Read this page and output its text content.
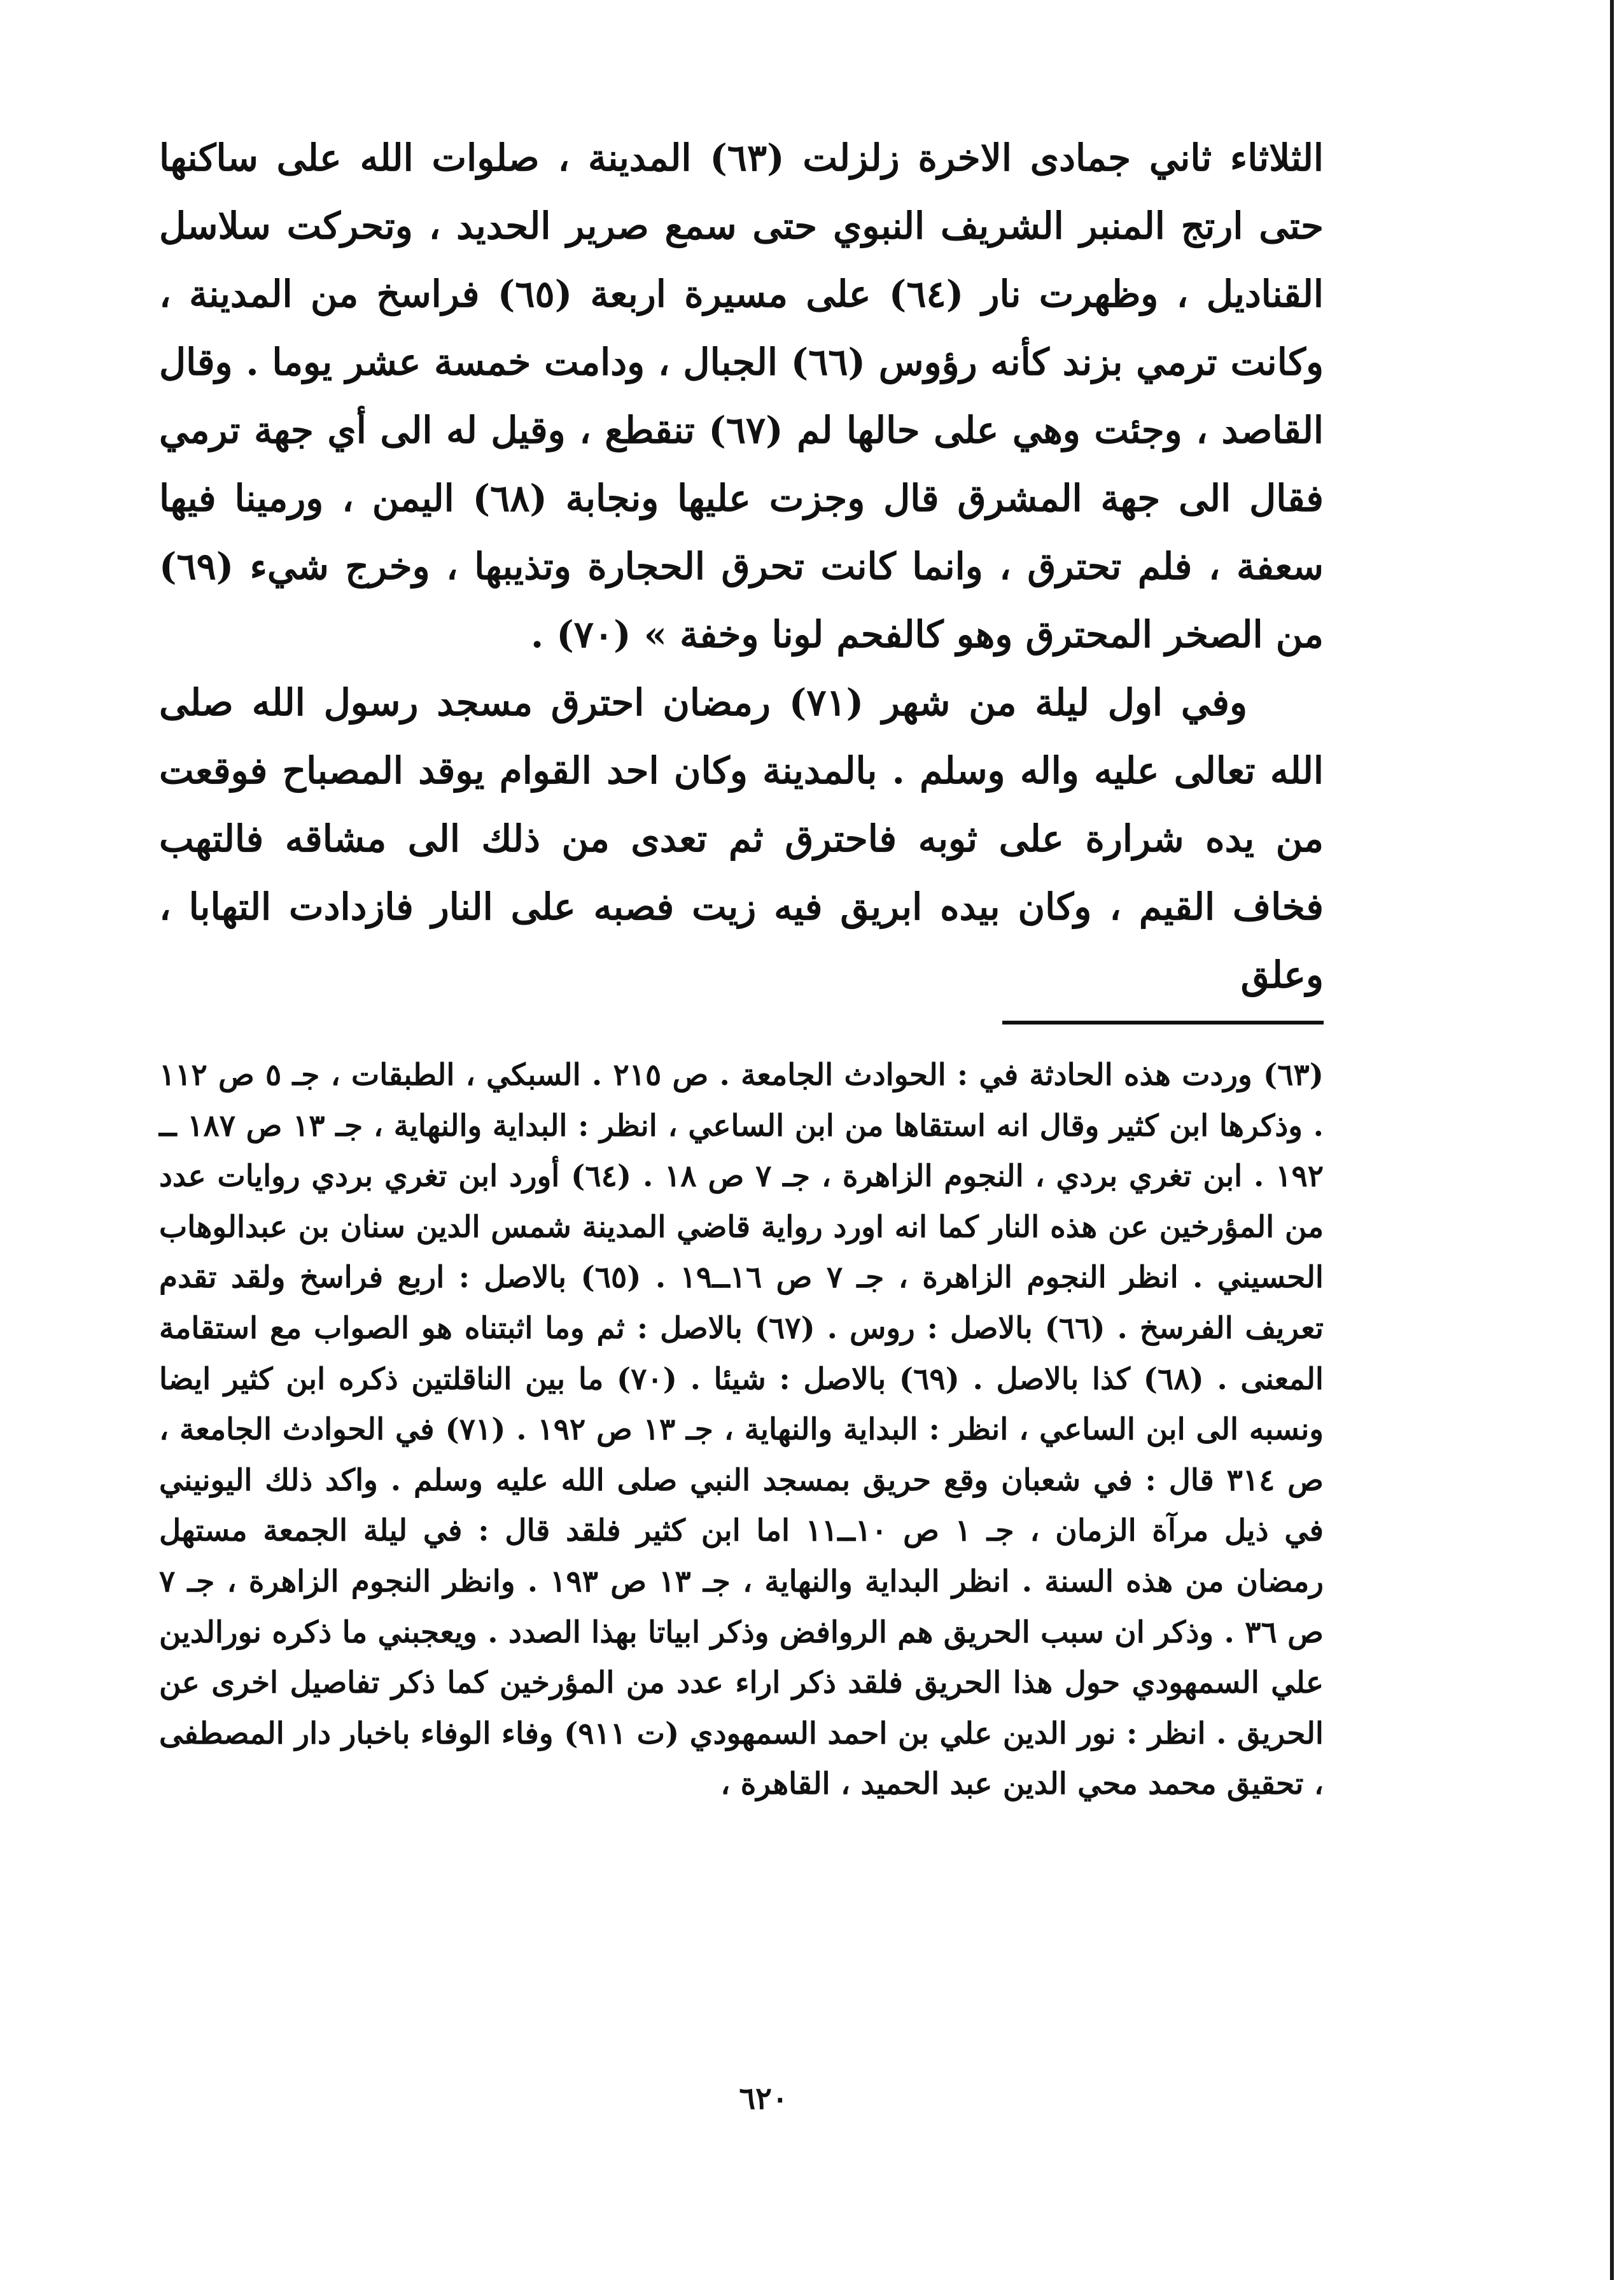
الثلاثاء ثاني جمادى الاخرة زلزلت (٦٣) المدينة ، صلوات الله على ساكنها حتى ارتج المنبر الشريف النبوي حتى سمع صرير الحديد ، وتحركت سلاسل القناديل ، وظهرت نار (٦٤) على مسيرة اربعة (٦٥) فراسخ من المدينة ، وكانت ترمي بزند كأنه رؤوس (٦٦) الجبال ، ودامت خمسة عشر يوما . وقال القاصد ، وجئت وهي على حالها لم (٦٧) تنقطع ، وقيل له الى أي جهة ترمي فقال الى جهة المشرق قال وجزت عليها ونجابة (٦٨) اليمن ، ورمينا فيها سعفة ، فلم تحترق ، وانما كانت تحرق الحجارة وتذيبها ، وخرج شيء (٦٩) من الصخر المحترق وهو كالفحم لونا وخفة » (٧٠) .

وفي اول ليلة من شهر (٧١) رمضان احترق مسجد رسول الله صلى الله تعالى عليه واله وسلم . بالمدينة وكان احد القوام يوقد المصباح فوقعت من يده شرارة على ثوبه فاحترق ثم تعدى من ذلك الى مشاقه فالتهب فخاف القيم ، وكان بيده ابريق فيه زيت فصبه على النار فازدادت التهابا ، وعلق

(٦٣) وردت هذه الحادثة في : الحوادث الجامعة . ص ٢١٥ . السبكي ، الطبقات ، جـ ٥ ص ١١٢ . وذكرها ابن كثير وقال انه استقاها من ابن الساعي ، انظر : البداية والنهاية ، جـ ١٣ ص ١٨٧ ــ ١٩٢ . ابن تغري بردي ، النجوم الزاهرة ، جـ ٧ ص ١٨ . (٦٤) أورد ابن تغري بردي روايات عدد من المؤرخين عن هذه النار كما انه اورد رواية قاضي المدينة شمس الدين سنان بن عبدالوهاب الحسيني . انظر النجوم الزاهرة ، جـ ٧ ص ١٦ــ١٩ . (٦٥) بالاصل : اربع فراسخ ولقد تقدم تعريف الفرسخ . (٦٦) بالاصل : روس . (٦٧) بالاصل : ثم وما اثبتناه هو الصواب مع استقامة المعنى . (٦٨) كذا بالاصل . (٦٩) بالاصل : شيئا . (٧٠) ما بين الناقلتين ذكره ابن كثير ايضا ونسبه الى ابن الساعي ، انظر : البداية والنهاية ، جـ ١٣ ص ١٩٢ . (٧١) في الحوادث الجامعة ، ص ٣١٤ قال : في شعبان وقع حريق بمسجد النبي صلى الله عليه وسلم . واكد ذلك اليونيني في ذيل مرآة الزمان ، جـ ١ ص ١٠ــ١١ اما ابن كثير فلقد قال : في ليلة الجمعة مستهل رمضان من هذه السنة . انظر البداية والنهاية ، جـ ١٣ ص ١٩٣ . وانظر النجوم الزاهرة ، جـ ٧ ص ٣٦ . وذكر ان سبب الحريق هم الروافض وذكر ابياتا بهذا الصدد . ويعجبني ما ذكره نورالدين علي السمهودي حول هذا الحريق فلقد ذكر اراء عدد من المؤرخين كما ذكر تفاصيل اخرى عن الحريق . انظر : نور الدين علي بن احمد السمهودي (ت ٩١١) وفاء الوفاء باخبار دار المصطفى ، تحقيق محمد محي الدين عبد الحميد ، القاهرة ،

٦٢٠
